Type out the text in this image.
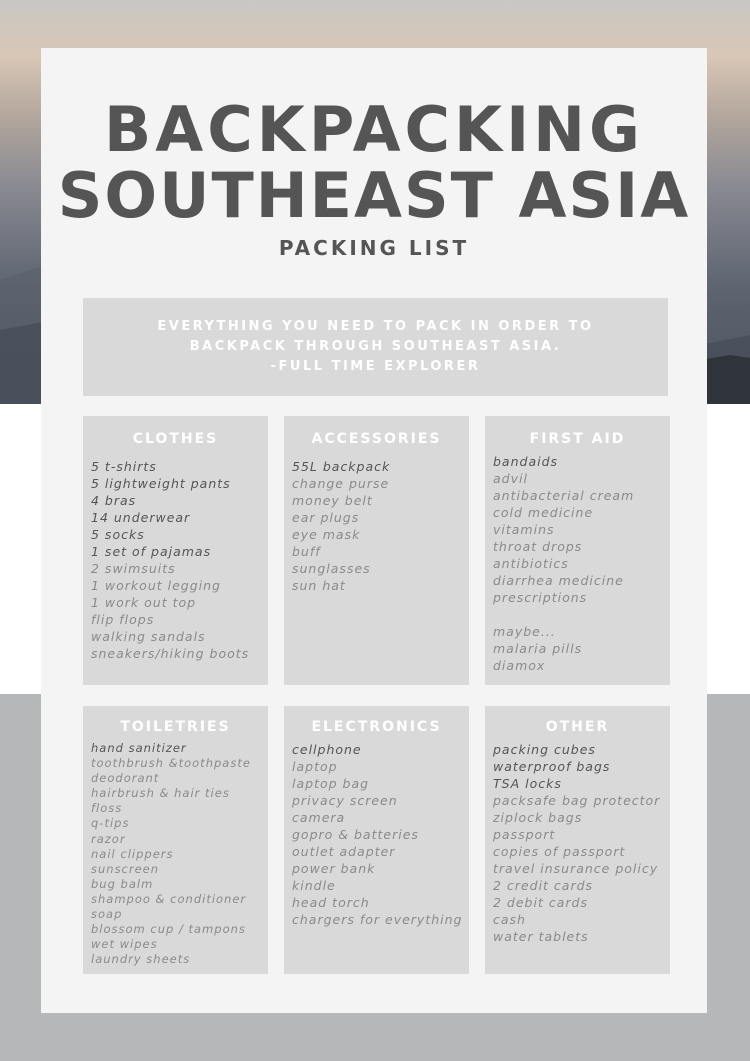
BACKPACKING
SOUTHEAST ASIA
PACKING LIST
EVERYTHING YOU NEED TO PACK IN ORDER TO
BACKPACK THROUGH SOUTHEAST ASIA.
-FULL TIME EXPLORER
CLOTHES
5 t-shirts
5 lightweight pants
4 bras
14 underwear
5 socks
1 set of pajamas
2 swimsuits
1 workout legging
1 work out top
flip flops
walking sandals
sneakers/hiking boots
ACCESSORIES
55L backpack
change purse
money belt
ear plugs
eye mask
buff
sunglasses
sun hat
FIRST AID
bandaids
advil
antibacterial cream
cold medicine
vitamins
throat drops
antibiotics
diarrhea medicine
prescriptions
maybe...
malaria pills
diamox
TOILETRIES
hand sanitizer
toothbrush &toothpaste
deodorant
hairbrush & hair ties
floss
q-tips
razor
nail clippers
sunscreen
bug balm
shampoo & conditioner
soap
blossom cup / tampons
wet wipes
laundry sheets
ELECTRONICS
cellphone
laptop
laptop bag
privacy screen
camera
gopro & batteries
outlet adapter
power bank
kindle
head torch
chargers for everything
OTHER
packing cubes
waterproof bags
TSA locks
packsafe bag protector
ziplock bags
passport
copies of passport
travel insurance policy
2 credit cards
2 debit cards
cash
water tablets
